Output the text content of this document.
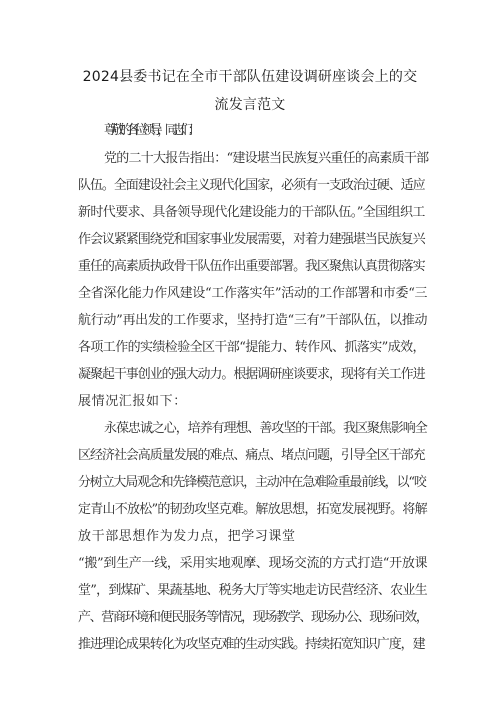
2024县委书记在全市干部队伍建设调研座谈会上的交
流发言范文
尊敬的各位领导，同志们：
党的二十大报告指出：“建设堪当民族复兴重任的高素质干部
队伍。全面建设社会主义现代化国家，必须有一支政治过硬、适应
新时代要求、具备领导现代化建设能力的干部队伍。”全国组织工
作会议紧紧围绕党和国家事业发展需要，对着力建强堪当民族复兴
重任的高素质执政骨干队伍作出重要部署。我区聚焦认真贯彻落实
全省深化能力作风建设“工作落实年”活动的工作部署和市委“三
航行动”再出发的工作要求，坚持打造“三有”干部队伍，以推动
各项工作的实绩检验全区干部“提能力、转作风、抓落实”成效，
凝聚起干事创业的强大动力。根据调研座谈要求，现将有关工作进
展情况汇报如下：
永葆忠诚之心，培养有理想、善攻坚的干部。我区聚焦影响全
区经济社会高质量发展的难点、痛点、堵点问题，引导全区干部充
分树立大局观念和先锋模范意识，主动冲在急难险重最前线，以“咬
定青山不放松”的韧劲攻坚克难。解放思想，拓宽发展视野。将解
放干部思想作为发力点，把学习课堂
“搬”到生产一线，采用实地观摩、现场交流的方式打造“开放课
堂”，到煤矿、果蔬基地、税务大厅等实地走访民营经济、农业生
产、营商环境和便民服务等情况，现场教学、现场办公、现场问效，
推进理论成果转化为攻坚克难的生动实践。持续拓宽知识广度，建
